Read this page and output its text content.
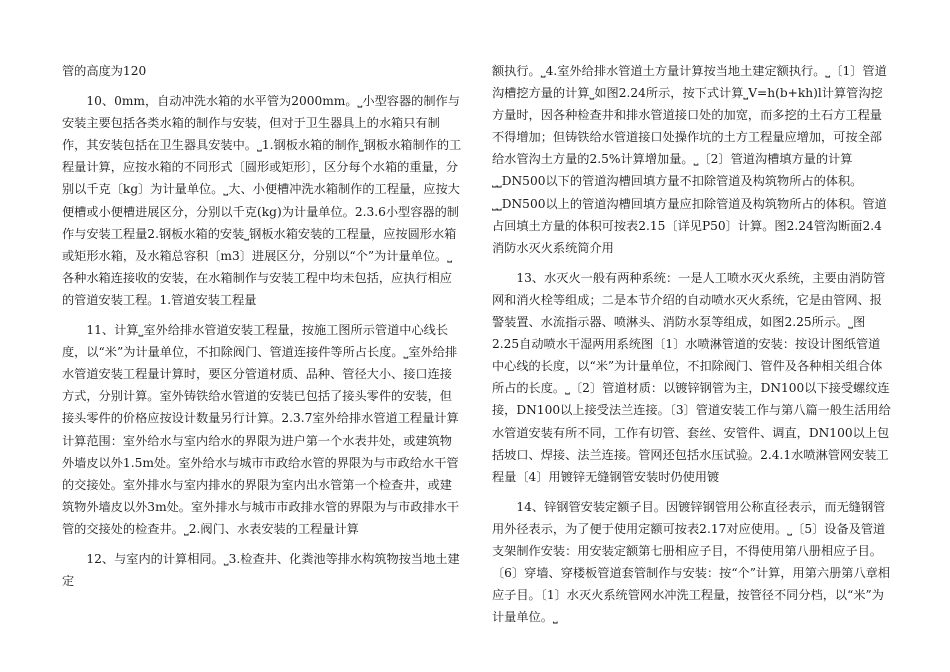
管的高度为120

10、0mm，自动冲洗水箱的水平管为2000mm。⎵小型容器的制作与安装主要包括各类水箱的制作与安装，但对于卫生器具上的水箱只有制作，其安装包括在卫生器具安装中。⎵1.钢板水箱的制作⎵钢板水箱制作的工程量计算，应按水箱的不同形式〔圆形或矩形〕，区分每个水箱的重量，分别以千克〔kg〕为计量单位。⎵大、小便槽冲洗水箱制作的工程量，应按大便槽或小便槽进展区分，分别以千克(kg)为计量单位。2.3.6小型容器的制作与安装工程量2.钢板水箱的安装⎵钢板水箱安装的工程量，应按圆形水箱或矩形水箱，及水箱总容积〔m3〕进展区分，分别以“个”为计量单位。⎵各种水箱连接收的安装，在水箱制作与安装工程中均未包括，应执行相应的管道安装工程。1.管道安装工程量

11、计算⎵室外给排水管道安装工程量，按施工图所示管道中心线长度，以“米”为计量单位，不扣除阀门、管道连接件等所占长度。⎵室外给排水管道安装工程量计算时，要区分管道材质、品种、管径大小、接口连接方式，分别计算。室外铸铁给水管道的安装已包括了接头零件的安装，但接头零件的价格应按设计数量另行计算。2.3.7室外给排水管道工程量计算计算范围：室外给水与室内给水的界限为进户第一个水表井处，或建筑物外墙皮以外1.5m处。室外给水与城市市政给水管的界限为与市政给水干管的交接处。室外排水与室内排水的界限为室内出水管第一个检查井，或建筑物外墙皮以外3m处。室外排水与城市市政排水管的界限为与市政排水干管的交接处的检查井。⎵2.阀门、水表安装的工程量计算

12、与室内的计算相同。⎵3.检查井、化粪池等排水构筑物按当地土建定

额执行。⎵4.室外给排水管道土方量计算按当地土建定额执行。⎵〔1〕管道沟槽挖方量的计算⎵如图2.24所示，按下式计算⎵V=h(b+kh)l计算管沟挖方量时，因各种检查井和排水管道接口处的加宽，而多挖的土石方工程量不得增加；但铸铁给水管道接口处操作坑的土方工程量应增加，可按全部给水管沟土方量的2.5%计算增加量。⎵〔2〕管道沟槽填方量的计算⎵⎵DN500以下的管道沟槽回填方量不扣除管道及构筑物所占的体积。⎵⎵DN500以上的管道沟槽回填方量应扣除管道及构筑物所占的体积。管道占回填土方量的体积可按表2.15〔详见P50〕计算。图2.24管沟断面2.4消防水灭火系统简介用

13、水灭火一般有两种系统：一是人工喷水灭火系统，主要由消防管网和消火栓等组成；二是本节介绍的自动喷水灭火系统，它是由管网、报警装置、水流指示器、喷淋头、消防水泵等组成，如图2.25所示。⎵图2.25自动喷水干湿两用系统图〔1〕水喷淋管道的安装：按设计图纸管道中心线的长度，以“米”为计量单位，不扣除阀门、管件及各种相关组合体所占的长度。⎵〔2〕管道材质：以镀锌钢管为主，DN100以下接受螺纹连接，DN100以上接受法兰连接。〔3〕管道安装工作与第八篇一般生活用给水管道安装有所不同，工作有切管、套丝、安管件、调直，DN100以上包括坡口、焊接、法兰连接。管网还包括水压试验。2.4.1水喷淋管网安装工程量〔4〕用镀锌无缝钢管安装时仍使用镀

14、锌钢管安装定额子目。因镀锌钢管用公称直径表示，而无缝钢管用外径表示，为了便于使用定额可按表2.17对应使用。⎵〔5〕设备及管道支架制作安装：用安装定额第七册相应子目，不得使用第八册相应子目。〔6〕穿墙、穿楼板管道套管制作与安装：按“个”计算，用第六册第八章相应子目。〔1〕水灭火系统管网水冲洗工程量，按管径不同分档，以“米”为计量单位。⎵
